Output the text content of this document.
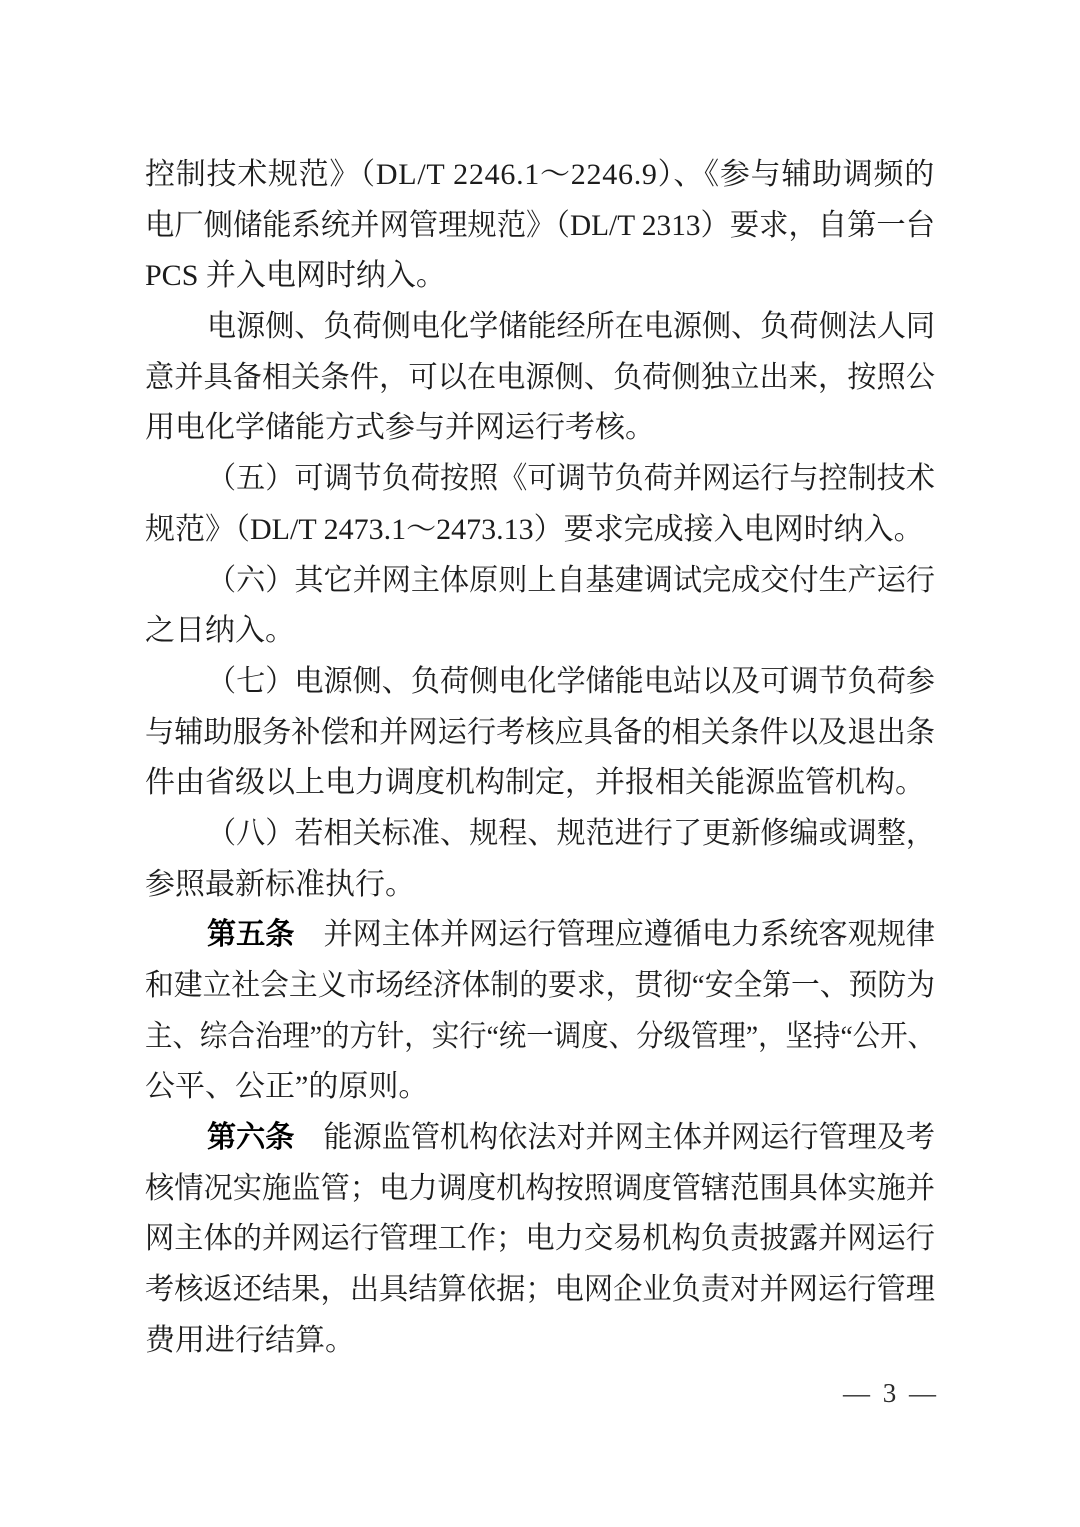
控制技术规范》（DL/T 2246.1～2246.9）、《参与辅助调频的
电厂侧储能系统并网管理规范》（DL/T 2313）要求，自第一台
PCS 并入电网时纳入。
电源侧、负荷侧电化学储能经所在电源侧、负荷侧法人同
意并具备相关条件，可以在电源侧、负荷侧独立出来，按照公
用电化学储能方式参与并网运行考核。
（五）可调节负荷按照《可调节负荷并网运行与控制技术
规范》（DL/T 2473.1～2473.13）要求完成接入电网时纳入。
（六）其它并网主体原则上自基建调试完成交付生产运行
之日纳入。
（七）电源侧、负荷侧电化学储能电站以及可调节负荷参
与辅助服务补偿和并网运行考核应具备的相关条件以及退出条
件由省级以上电力调度机构制定，并报相关能源监管机构。
（八）若相关标准、规程、规范进行了更新修编或调整，
参照最新标准执行。
第五条　并网主体并网运行管理应遵循电力系统客观规律
和建立社会主义市场经济体制的要求，贯彻“安全第一、预防为
主、综合治理”的方针，实行“统一调度、分级管理”，坚持“公开、
公平、公正”的原则。
第六条　能源监管机构依法对并网主体并网运行管理及考
核情况实施监管；电力调度机构按照调度管辖范围具体实施并
网主体的并网运行管理工作；电力交易机构负责披露并网运行
考核返还结果，出具结算依据；电网企业负责对并网运行管理
费用进行结算。
— 3 —
